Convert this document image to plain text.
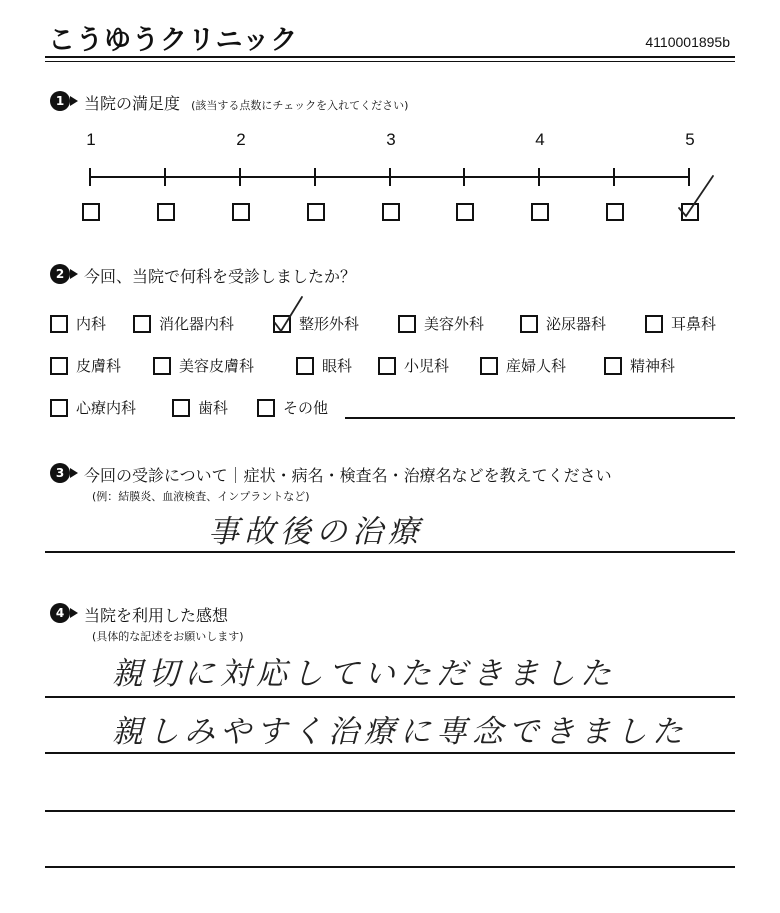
こうゆうクリニック	4110001895b
1	当院の満足度 (該当する点数にチェックを入れてください)
1	2	3	4	5
2	今回、当院で何科を受診しましたか？
内科	消化器内科	整形外科	美容外科	泌尿器科	耳鼻科
皮膚科	美容皮膚科	眼科	小児科	産婦人科	精神科
心療内科	歯科	その他
3	今回の受診について｜症状・病名・検査名・治療名などを教えてください
(例：結膜炎、血液検査、インプラントなど)
事故後の治療
4	当院を利用した感想
(具体的な記述をお願いします)
親切に対応していただきました
親しみやすく治療に専念できました
